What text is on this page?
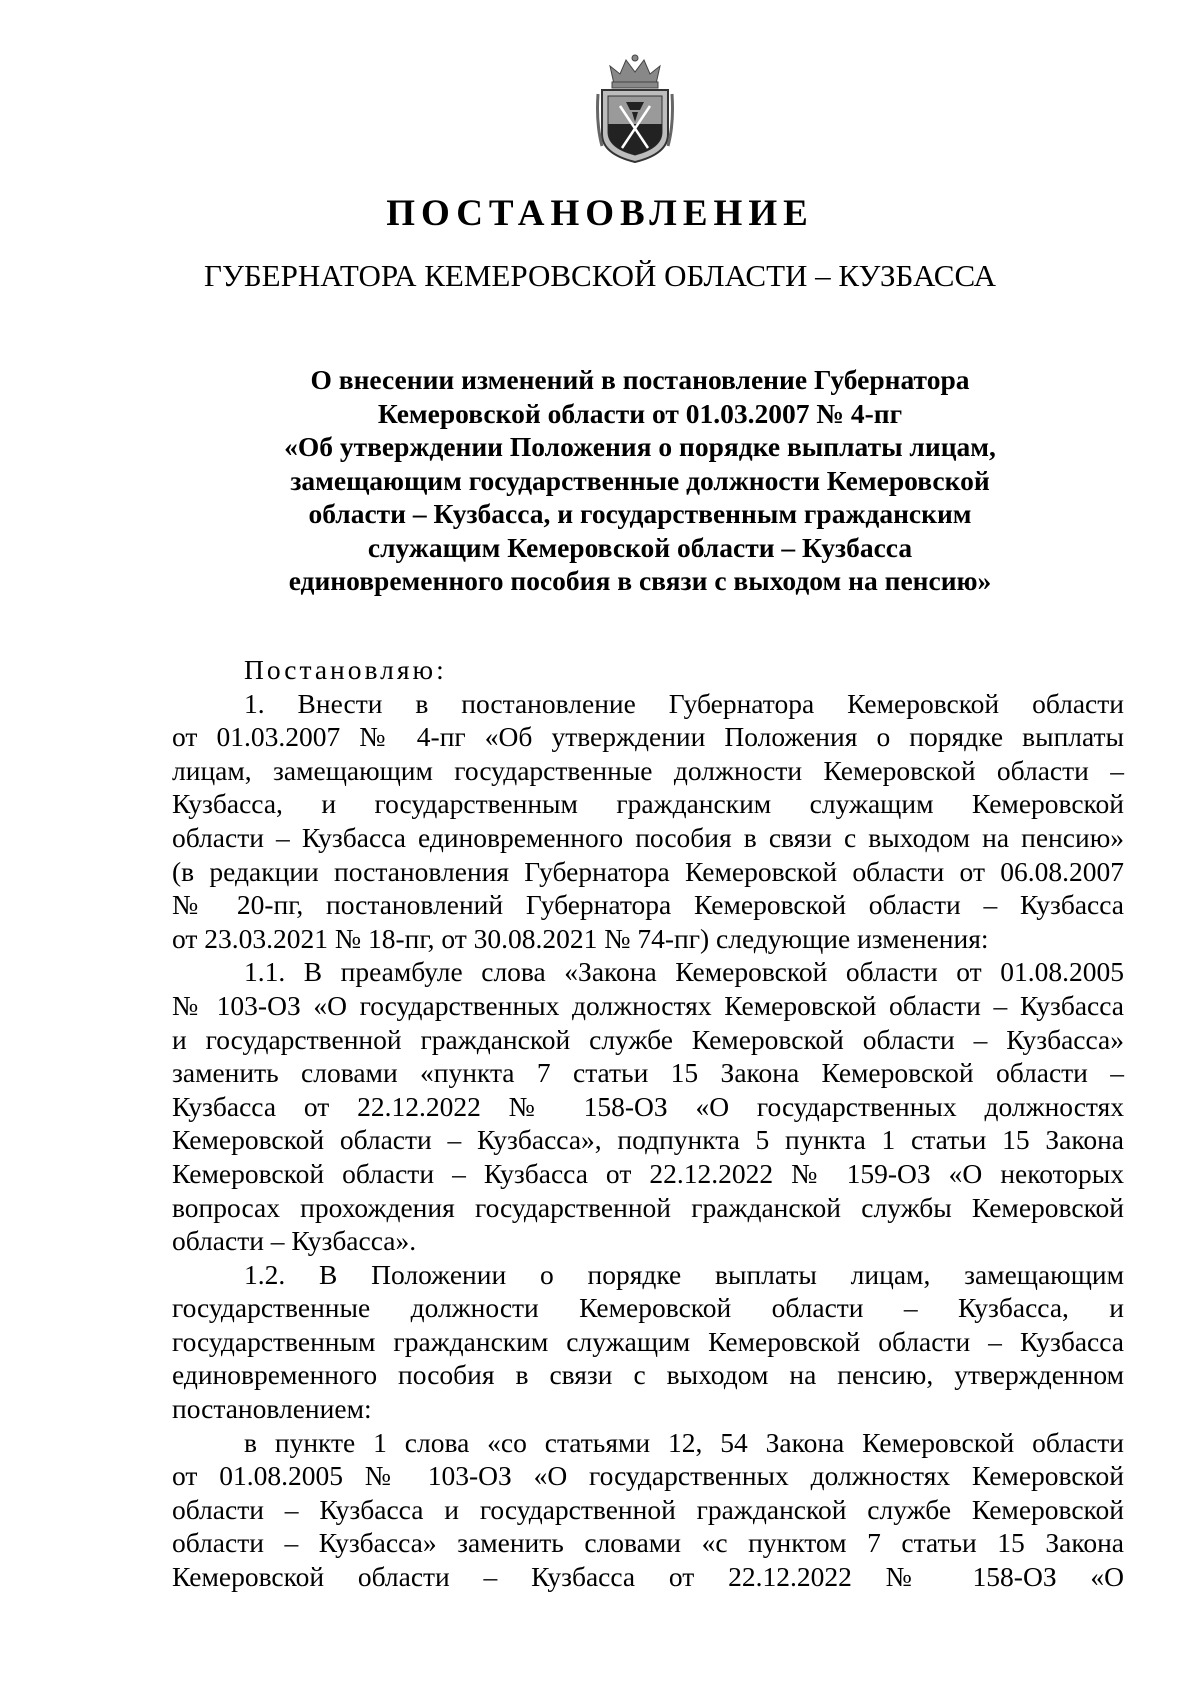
ПОСТАНОВЛЕНИЕ
ГУБЕРНАТОРА КЕМЕРОВСКОЙ ОБЛАСТИ – КУЗБАССА
О внесении изменений в постановление Губернатора
Кемеровской области от 01.03.2007 № 4-пг
«Об утверждении Положения о порядке выплаты лицам,
замещающим государственные должности Кемеровской
области – Кузбасса, и государственным гражданским
служащим Кемеровской области – Кузбасса
единовременного пособия в связи с выходом на пенсию»
Постановляю:
1. Внести в постановление Губернатора Кемеровской области
от 01.03.2007 № 4-пг «Об утверждении Положения о порядке выплаты
лицам, замещающим государственные должности Кемеровской области –
Кузбасса, и государственным гражданским служащим Кемеровской
области – Кузбасса единовременного пособия в связи с выходом на пенсию»
(в редакции постановления Губернатора Кемеровской области от 06.08.2007
№ 20-пг, постановлений Губернатора Кемеровской области – Кузбасса
от 23.03.2021 № 18-пг, от 30.08.2021 № 74-пг) следующие изменения:
1.1. В преамбуле слова «Закона Кемеровской области от 01.08.2005
№ 103-ОЗ «О государственных должностях Кемеровской области – Кузбасса
и государственной гражданской службе Кемеровской области – Кузбасса»
заменить словами «пункта 7 статьи 15 Закона Кемеровской области –
Кузбасса от 22.12.2022 № 158-ОЗ «О государственных должностях
Кемеровской области – Кузбасса», подпункта 5 пункта 1 статьи 15 Закона
Кемеровской области – Кузбасса от 22.12.2022 № 159-ОЗ «О некоторых
вопросах прохождения государственной гражданской службы Кемеровской
области – Кузбасса».
1.2. В Положении о порядке выплаты лицам, замещающим
государственные должности Кемеровской области – Кузбасса, и
государственным гражданским служащим Кемеровской области – Кузбасса
единовременного пособия в связи с выходом на пенсию, утвержденном
постановлением:
в пункте 1 слова «со статьями 12, 54 Закона Кемеровской области
от 01.08.2005 № 103-ОЗ «О государственных должностях Кемеровской
области – Кузбасса и государственной гражданской службе Кемеровской
области – Кузбасса» заменить словами «с пунктом 7 статьи 15 Закона
Кемеровской области – Кузбасса от 22.12.2022 № 158-ОЗ «О
